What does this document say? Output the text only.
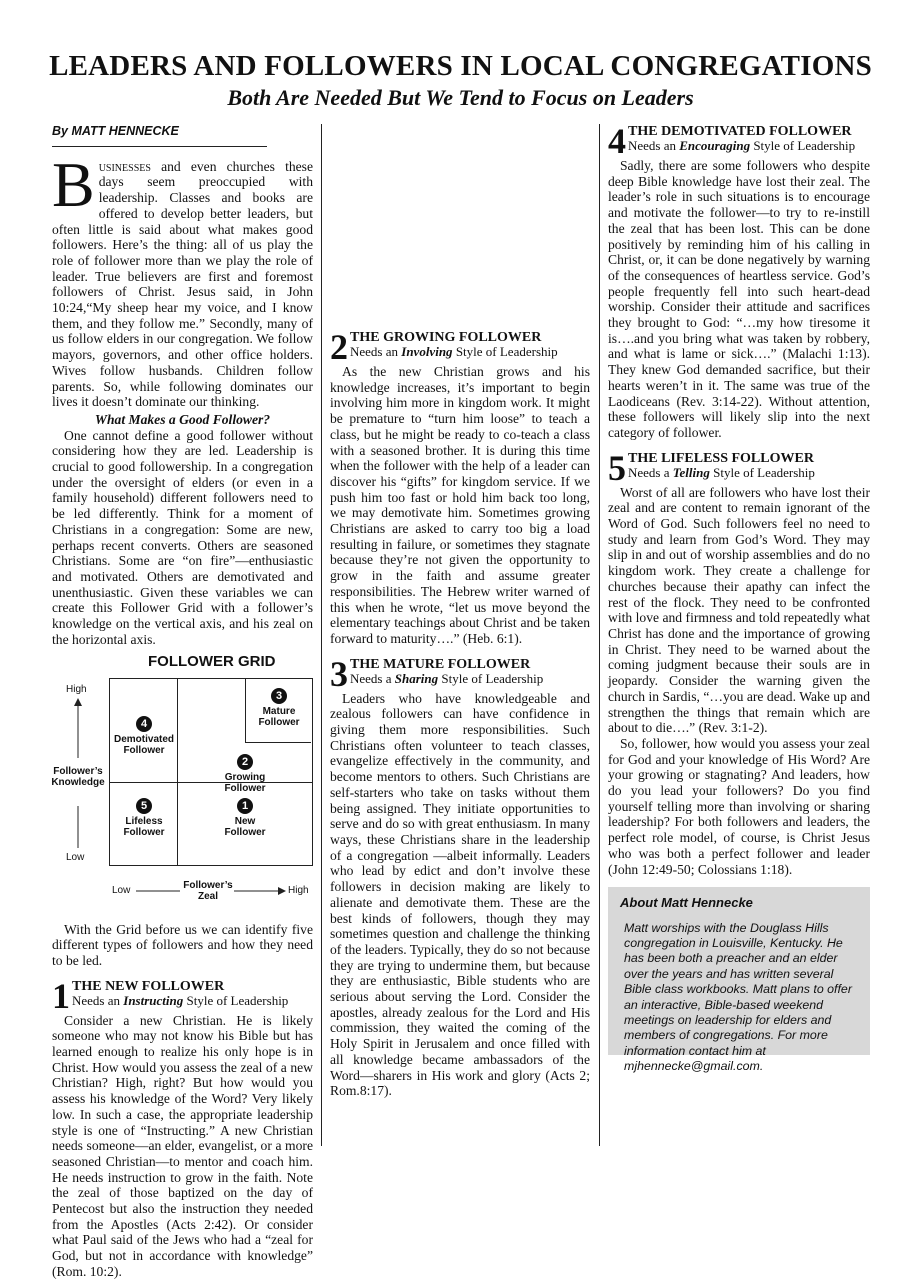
LEADERS AND FOLLOWERS IN LOCAL CONGREGATIONS
Both Are Needed But We Tend to Focus on Leaders

By MATT HENNECKE

Businesses and even churches these days seem preoccupied with leadership. Classes and books are offered to develop better leaders, but often little is said about what makes good followers. Here’s the thing: all of us play the role of follower more than we play the role of leader. True believers are first and foremost followers of Christ. Jesus said, in John 10:24,“My sheep hear my voice, and I know them, and they follow me.” Secondly, many of us follow elders in our congregation. We follow mayors, governors, and other office holders. Wives follow husbands. Children follow parents. So, while following dominates our lives it doesn’t dominate our thinking.

What Makes a Good Follower?

One cannot define a good follower without considering how they are led. Leadership is crucial to good followership. In a congregation under the oversight of elders (or even in a family household) different followers need to be led differently. Think for a moment of Christians in a congregation: Some are new, perhaps recent converts. Others are seasoned Christians. Some are “on fire”—enthusiastic and motivated. Others are demotivated and unenthusiastic. Given these variables we can create this Follower Grid with a follower’s knowledge on the vertical axis, and his zeal on the horizontal axis.

FOLLOWER GRID
High
Low
Follower’s
Knowledge
3
Mature
Follower
4
Demotivated
Follower
2
Growing
Follower
5
Lifeless
Follower
1
New
Follower
Low	Follower’s
Zeal
High

With the Grid before us we can identify five different types of followers and how they need to be led.

1 THE NEW FOLLOWER
Needs an Instructing Style of Leadership

Consider a new Christian. He is likely someone who may not know his Bible but has learned enough to realize his only hope is in Christ. How would you assess the zeal of a new Christian? High, right? But how would you assess his knowledge of the Word? Very likely low. In such a case, the appropriate leadership style is one of “Instructing.” A new Christian needs someone—an elder, evangelist, or a more seasoned Christian—to mentor and coach him. He needs instruction to grow in the faith. Note the zeal of those baptized on the day of Pentecost but also the instruction they needed from the Apostles (Acts 2:42). Or consider what Paul said of the Jews who had a “zeal for God, but not in accordance with knowledge” (Rom. 10:2).

2 THE GROWING FOLLOWER
Needs an Involving Style of Leadership

As the new Christian grows and his knowledge increases, it’s important to begin involving him more in kingdom work. It might be premature to “turn him loose” to teach a class, but he might be ready to co-teach a class with a seasoned brother. It is during this time when the follower with the help of a leader can discover his “gifts” for kingdom service. If we push him too fast or hold him back too long, we may demotivate him. Sometimes growing Christians are asked to carry too big a load resulting in failure, or sometimes they stagnate because they’re not given the opportunity to grow in the faith and assume greater responsibilities. The Hebrew writer warned of this when he wrote, “let us move beyond the elementary teachings about Christ and be taken forward to maturity….” (Heb. 6:1).

3 THE MATURE FOLLOWER
Needs a Sharing Style of Leadership

Leaders who have knowledgeable and zealous followers can have confidence in giving them more responsibilities. Such Christians often volunteer to teach classes, evangelize effectively in the community, and become mentors to others. Such Christians are self-starters who take on tasks without them being assigned. They initiate opportunities to serve and do so with great enthusiasm. In many ways, these Christians share in the leadership of a congregation —albeit informally. Leaders who lead by edict and don’t involve these followers in decision making are likely to alienate and demotivate them. These are the best kinds of followers, though they may sometimes question and challenge the thinking of the leaders. Typically, they do so not because they are trying to undermine them, but because they are enthusiastic, Bible students who are serious about serving the Lord. Consider the apostles, already zealous for the Lord and His commission, they waited the coming of the Holy Spirit in Jerusalem and once filled with all knowledge became ambassadors of the Word—sharers in His work and glory (Acts 2; Rom.8:17).

4 THE DEMOTIVATED FOLLOWER
Needs an Encouraging Style of Leadership

Sadly, there are some followers who despite deep Bible knowledge have lost their zeal. The leader’s role in such situations is to encourage and motivate the follower—to try to re-instill the zeal that has been lost. This can be done positively by reminding him of his calling in Christ, or, it can be done negatively by warning of the consequences of heartless service. God’s people frequently fell into such heart-dead worship. Consider their attitude and sacrifices they brought to God: “…my how tiresome it is….and you bring what was taken by robbery, and what is lame or sick….” (Malachi 1:13). They knew God demanded sacrifice, but their hearts weren’t in it. The same was true of the Laodiceans (Rev. 3:14-22). Without attention, these followers will likely slip into the next category of follower.

5 THE LIFELESS FOLLOWER
Needs a Telling Style of Leadership

Worst of all are followers who have lost their zeal and are content to remain ignorant of the Word of God. Such followers feel no need to study and learn from God’s Word. They may slip in and out of worship assemblies and do no kingdom work. They create a challenge for churches because their apathy can infect the rest of the flock. They need to be confronted with love and firmness and told repeatedly what Christ has done and the importance of growing in Christ. They need to be warned about the coming judgment because their souls are in jeopardy. Consider the warning given the church in Sardis, “…you are dead. Wake up and strengthen the things that remain which are about to die….” (Rev. 3:1-2).

So, follower, how would you assess your zeal for God and your knowledge of His Word? Are your growing or stagnating? And leaders, how do you lead your followers? Do you find yourself telling more than involving or sharing leadership? For both followers and leaders, the perfect role model, of course, is Christ Jesus who was both a perfect follower and leader (John 12:49-50; Colossians 1:18).

About Matt Hennecke

Matt worships with the Douglass Hills congregation in Louisville, Kentucky. He has been both a preacher and an elder over the years and has written several Bible class workbooks. Matt plans to offer an interactive, Bible-based weekend meetings on leadership for elders and members of congregations. For more information contact him at mjhennecke@gmail.com.
